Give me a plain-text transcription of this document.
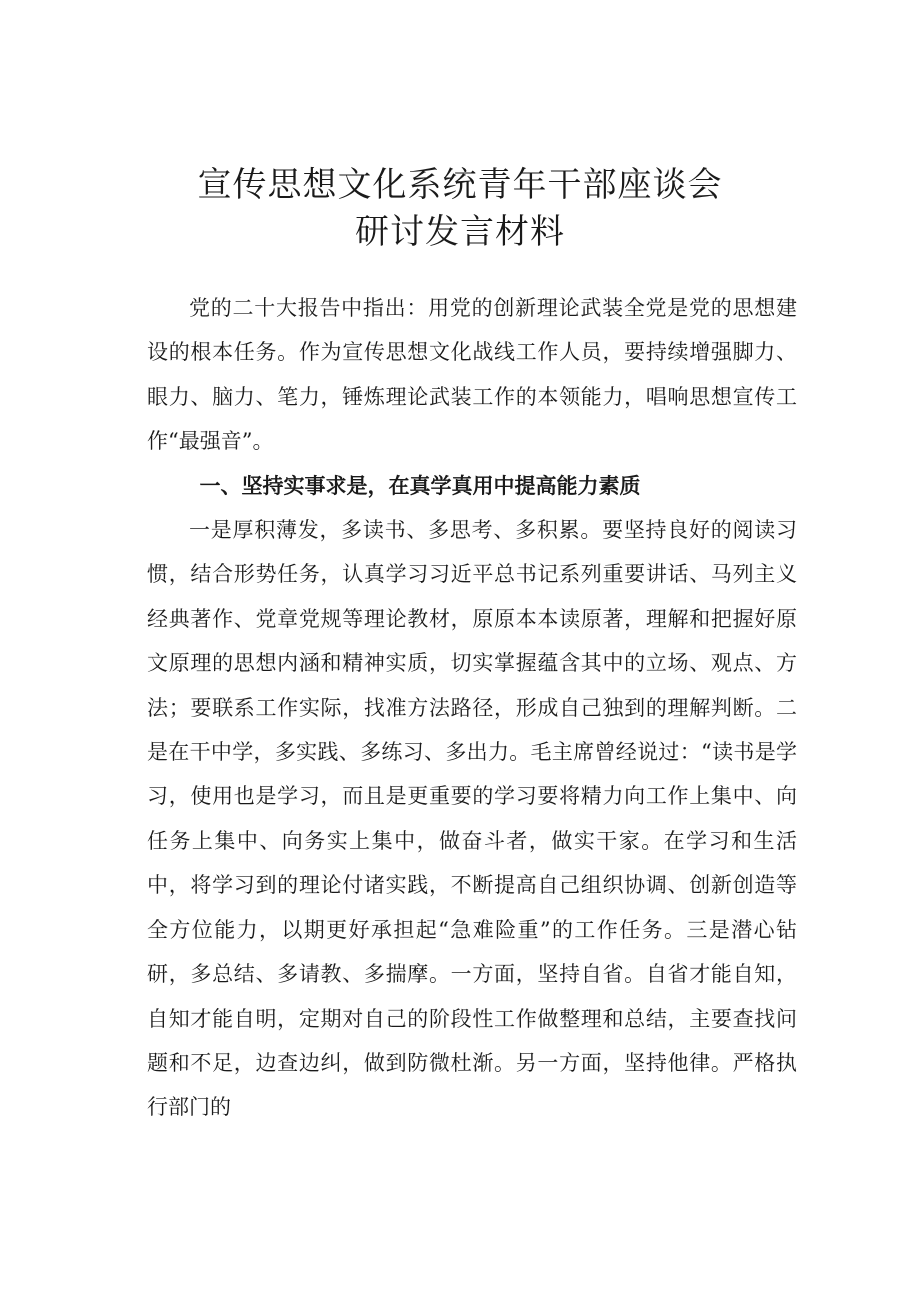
宣传思想文化系统青年干部座谈会
研讨发言材料

党的二十大报告中指出：用党的创新理论武装全党是党的思想建设的根本任务。作为宣传思想文化战线工作人员，要持续增强脚力、眼力、脑力、笔力，锤炼理论武装工作的本领能力，唱响思想宣传工作“最强音”。

一、坚持实事求是，在真学真用中提高能力素质

一是厚积薄发，多读书、多思考、多积累。要坚持良好的阅读习惯，结合形势任务，认真学习习近平总书记系列重要讲话、马列主义经典著作、党章党规等理论教材，原原本本读原著，理解和把握好原文原理的思想内涵和精神实质，切实掌握蕴含其中的立场、观点、方法；要联系工作实际，找准方法路径，形成自己独到的理解判断。二是在干中学，多实践、多练习、多出力。毛主席曾经说过：“读书是学习，使用也是学习，而且是更重要的学习要将精力向工作上集中、向任务上集中、向务实上集中，做奋斗者，做实干家。在学习和生活中，将学习到的理论付诸实践，不断提高自己组织协调、创新创造等全方位能力，以期更好承担起“急难险重”的工作任务。三是潜心钻研，多总结、多请教、多揣摩。一方面，坚持自省。自省才能自知，自知才能自明，定期对自己的阶段性工作做整理和总结，主要查找问题和不足，边查边纠，做到防微杜渐。另一方面，坚持他律。严格执行部门的
